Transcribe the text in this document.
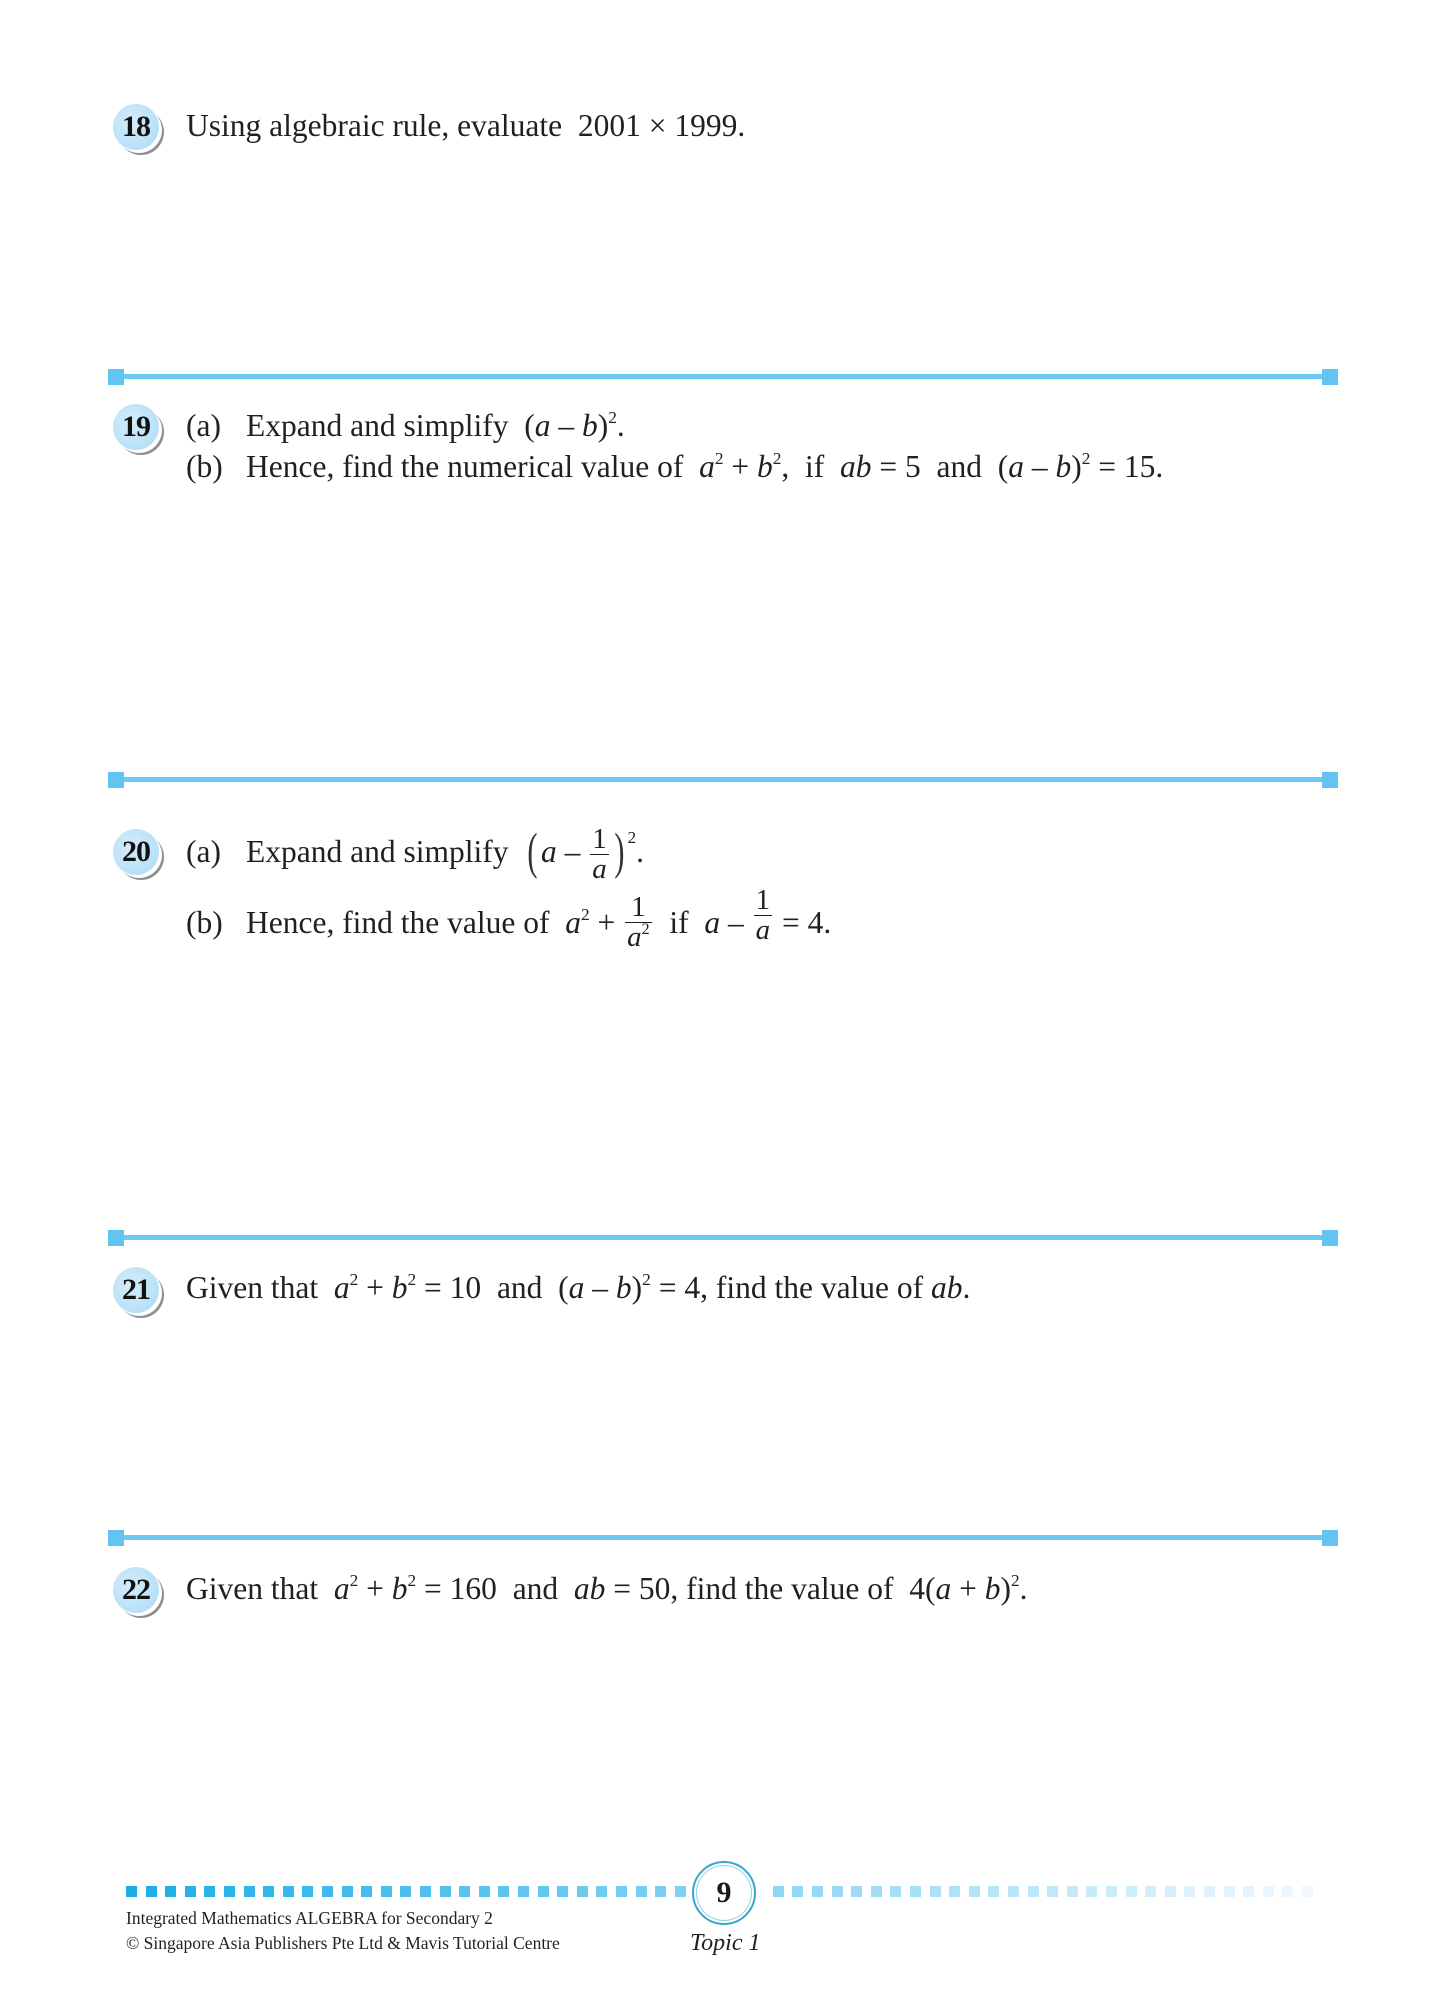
18 Using algebraic rule, evaluate 2001 × 1999.
19 (a) Expand and simplify (a – b)$^2$.
(b) Hence, find the numerical value of $a^2 + b^2$, if ab = 5 and (a – b)$^2$ = 15.
20 (a) Expand and simplify ( a – $\frac{1}{a}$ ) $^2$.
(b) Hence, find the value of $a^2 + \frac{1}{a^2}$ if $a - \frac{1}{a} = 4$.
21 Given that $a^2 + b^2 = 10$ and (a – b)$^2$ = 4, find the value of ab.
22 Given that $a^2 + b^2 = 160$ and ab = 50, find the value of $4(a + b)^2$.
9
Integrated Mathematics ALGEBRA for Secondary 2
© Singapore Asia Publishers Pte Ltd & Mavis Tutorial Centre	Topic 1
